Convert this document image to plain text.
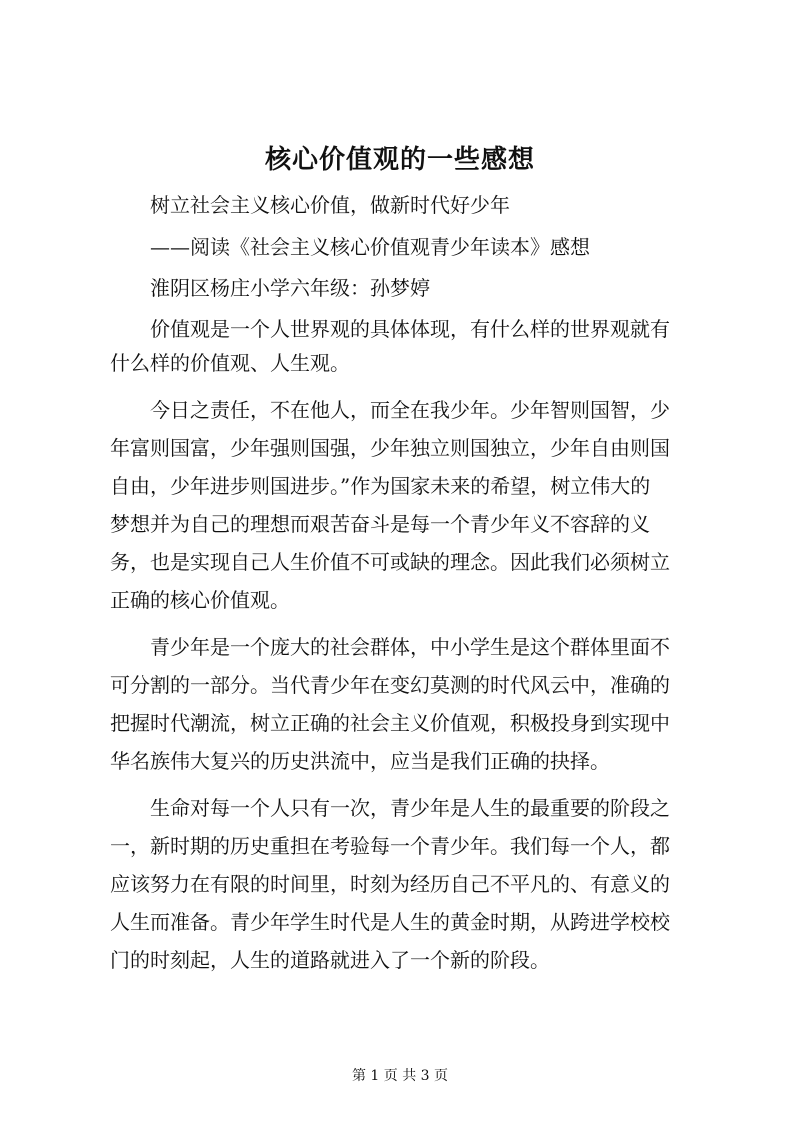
核心价值观的一些感想
树立社会主义核心价值，做新时代好少年
——阅读《社会主义核心价值观青少年读本》感想
淮阴区杨庄小学六年级：孙梦婷
价值观是一个人世界观的具体体现，有什么样的世界观就有
什么样的价值观、人生观。
今日之责任，不在他人，而全在我少年。少年智则国智，少
年富则国富，少年强则国强，少年独立则国独立，少年自由则国
自由，少年进步则国进步。”作为国家未来的希望，树立伟大的
梦想并为自己的理想而艰苦奋斗是每一个青少年义不容辞的义
务，也是实现自己人生价值不可或缺的理念。因此我们必须树立
正确的核心价值观。
青少年是一个庞大的社会群体，中小学生是这个群体里面不
可分割的一部分。当代青少年在变幻莫测的时代风云中，准确的
把握时代潮流，树立正确的社会主义价值观，积极投身到实现中
华名族伟大复兴的历史洪流中，应当是我们正确的抉择。
生命对每一个人只有一次，青少年是人生的最重要的阶段之
一，新时期的历史重担在考验每一个青少年。我们每一个人，都
应该努力在有限的时间里，时刻为经历自己不平凡的、有意义的
人生而准备。青少年学生时代是人生的黄金时期，从跨进学校校
门的时刻起，人生的道路就进入了一个新的阶段。
第 1 页 共 3 页
